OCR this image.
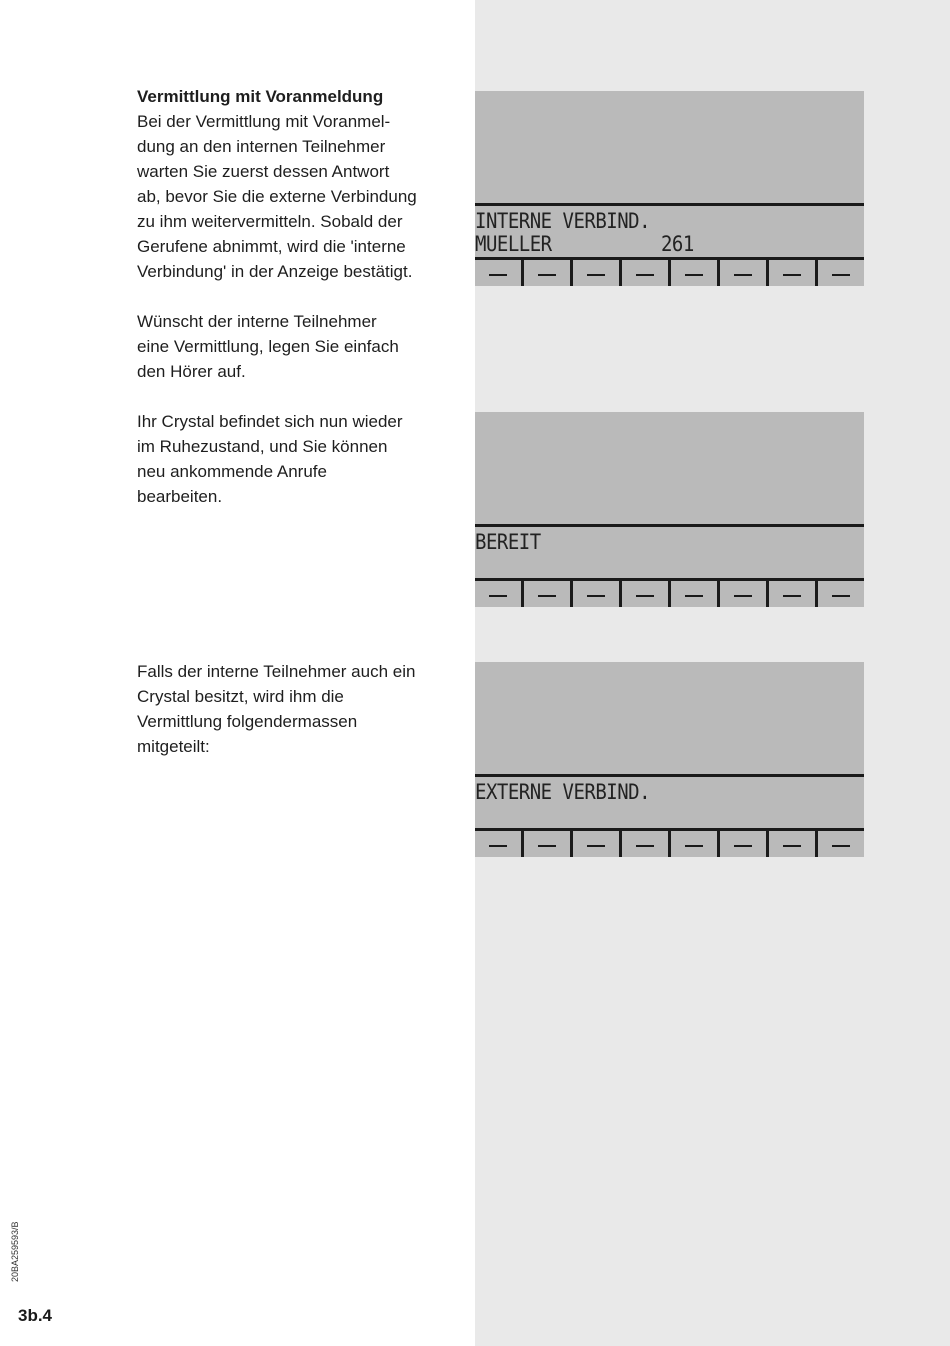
Vermittlung mit Voranmeldung

Bei der Vermittlung mit Voranmel-

dung an den internen Teilnehmer

warten Sie zuerst dessen Antwort

ab, bevor Sie die externe Verbindung

zu ihm weitervermitteln. Sobald der

Gerufene abnimmt, wird die 'interne

Verbindung' in der Anzeige bestätigt.

Wünscht der interne Teilnehmer

eine Vermittlung, legen Sie einfach

den Hörer auf.

Ihr Crystal befindet sich nun wieder

im Ruhezustand, und Sie können

neu ankommende Anrufe

bearbeiten.

Falls der interne Teilnehmer auch ein

Crystal besitzt, wird ihm die

Vermittlung folgendermassen

mitgeteilt:

INTERNE VERBIND.
MUELLER          261
BEREIT
EXTERNE VERBIND.
20BA259593/B
3b.4
